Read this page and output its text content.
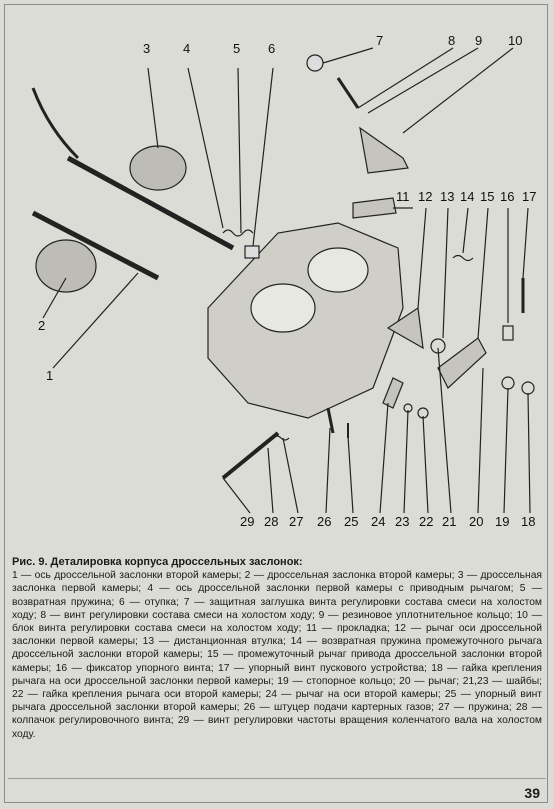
3	4	5 6
7	8 9 10
11 12 13 14 15 16 17
2
1
29 28 27 26 25 24 23 22 21 20 19 18
Рис. 9. Деталировка корпуса дроссельных заслонок:
1 — ось дроссельной заслонки второй камеры; 2 — дроссельная заслонка второй камеры; 3 — дроссельная заслонка первой камеры; 4 — ось дроссельной заслонки первой камеры с приводным рычагом; 5 — возвратная пружина; 6 — отупка; 7 — защитная заглушка винта регулировки состава смеси на холостом ходу; 8 — винт регулировки состава смеси на холостом ходу; 9 — резиновое уплотнительное кольцо; 10 — блок винта регулировки состава смеси на холостом ходу; 11 — прокладка; 12 — рычаг оси дроссельной заслонки первой камеры; 13 — дистанционная втулка; 14 — возвратная пружина промежуточного рычага дроссельной заслонки второй камеры; 15 — промежуточный рычаг привода дроссельной заслонки второй камеры; 16 — фиксатор упорного винта; 17 — упорный винт пускового устройства; 18 — гайка крепления рычага на оси дроссельной заслонки первой камеры; 19 — стопорное кольцо; 20 — рычаг; 21,23 — шайбы; 22 — гайка крепления рычага оси второй камеры; 24 — рычаг на оси второй камеры; 25 — упорный винт рычага дроссельной заслонки второй камеры; 26 — штуцер подачи картерных газов; 27 — пружина; 28 — колпачок регулировочного винта; 29 — винт регулировки частоты вращения коленчатого вала на холостом ходу.
39
